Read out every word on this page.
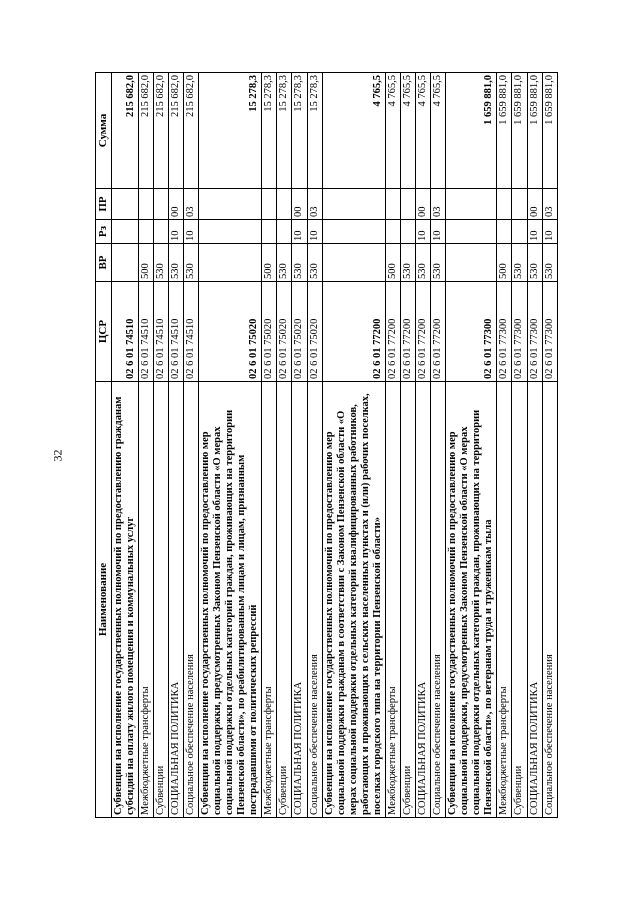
32
Наименование	ЦСР	ВР	Рз	ПР	Сумма
Субвенции на исполнение государственных полномочий по предоставлению гражданам субсидий на оплату жилого помещения и коммунальных услуг	02 6 01 74510				215 682,0
Межбюджетные трансферты	02 6 01 74510	500			215 682,0
Субвенции	02 6 01 74510	530			215 682,0
СОЦИАЛЬНАЯ ПОЛИТИКА	02 6 01 74510	530	10	00	215 682,0
Социальное обеспечение населения	02 6 01 74510	530	10	03	215 682,0
Субвенции на исполнение государственных полномочий по предоставлению мер социальной поддержки, предусмотренных Законом Пензенской области «О мерах социальной поддержки отдельных категорий граждан, проживающих на территории Пензенской области», по реабилитированным лицам и лицам, признанным пострадавшими от политических репрессий	02 6 01 75020				15 278,3
Межбюджетные трансферты	02 6 01 75020	500			15 278,3
Субвенции	02 6 01 75020	530			15 278,3
СОЦИАЛЬНАЯ ПОЛИТИКА	02 6 01 75020	530	10	00	15 278,3
Социальное обеспечение населения	02 6 01 75020	530	10	03	15 278,3
Субвенции на исполнение государственных полномочий по предоставлению мер социальной поддержки гражданам в соответствии с Законом Пензенской области «О мерах социальной поддержки отдельных категорий квалифицированных работников, работающих и проживающих в сельских населенных пунктах и (или) рабочих поселках, поселках городского типа на территории Пензенской области»	02 6 01 77200				4 765,5
Межбюджетные трансферты	02 6 01 77200	500			4 765,5
Субвенции	02 6 01 77200	530			4 765,5
СОЦИАЛЬНАЯ ПОЛИТИКА	02 6 01 77200	530	10	00	4 765,5
Социальное обеспечение населения	02 6 01 77200	530	10	03	4 765,5
Субвенции на исполнение государственных полномочий по предоставлению мер социальной поддержки, предусмотренных Законом Пензенской области «О мерах социальной поддержки отдельных категорий граждан, проживающих на территории Пензенской области», по ветеранам труда и труженикам тыла	02 6 01 77300				1 659 881,0
Межбюджетные трансферты	02 6 01 77300	500			1 659 881,0
Субвенции	02 6 01 77300	530			1 659 881,0
СОЦИАЛЬНАЯ ПОЛИТИКА	02 6 01 77300	530	10	00	1 659 881,0
Социальное обеспечение населения	02 6 01 77300	530	10	03	1 659 881,0
